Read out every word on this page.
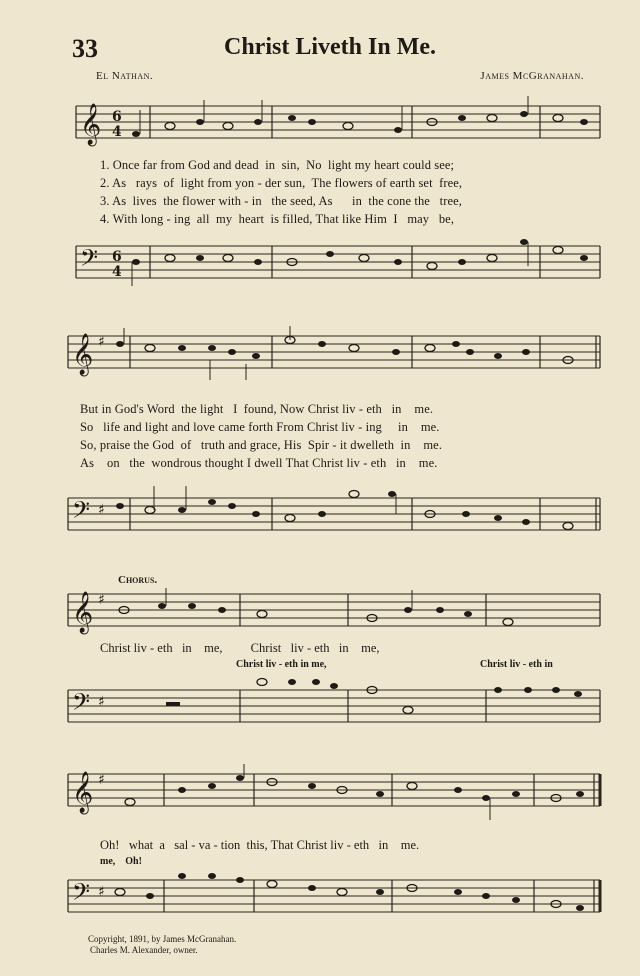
33	Christ Liveth In Me.
El Nathan.	James McGranahan.
𝄞 6
4
1. Once far from God and dead  in  sin,  No  light my heart could see;
2. As   rays  of  light from yon - der sun,  The flowers of earth set  free,
3. As  lives  the flower with - in   the seed, As      in  the cone the   tree,
4. With long - ing  all  my  heart  is filled, That like Him  I   may   be,
𝄢 6
4
𝄞 ♯
But in God's Word  the light   I  found, Now Christ liv - eth   in    me.
So   life and light and love came forth From Christ liv - ing     in    me.
So, praise the God  of   truth and grace, His  Spir - it dwelleth  in    me.
As    on   the  wondrous thought I dwell That Christ liv - eth   in    me.
𝄢 ♯
Chorus.
𝄞 ♯
Christ liv - eth   in    me,         Christ   liv - eth   in    me,
Christ liv - eth in me,	Christ liv - eth in
𝄢 ♯
𝄞 ♯
Oh!   what  a   sal - va - tion  this, That Christ liv - eth   in    me.
me,    Oh!
𝄢 ♯
Copyright, 1891, by James McGranahan.
Charles M. Alexander, owner.
